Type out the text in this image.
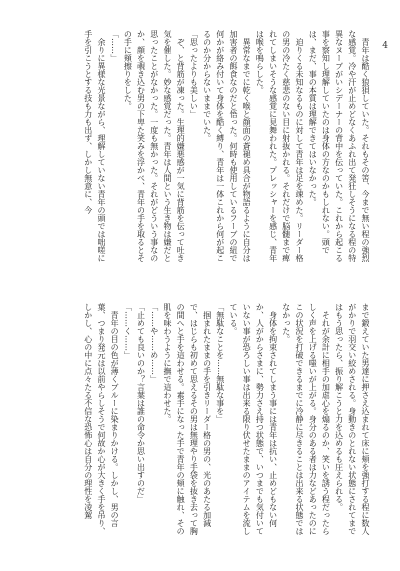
4

青年は酷く狼狽していた。それもその筈、今まで無い程の強烈な感覚。冷や汗が止めどなくあふれ出て発狂しそうになる程の特異なヌーブがいシデーナーの背中を伝っていた。これから起こる事を察知し理解していたのは身体の方なのかもしれない。頭では、まだ、事の本質は理解できてはいなかった。

迫りくる未知なるものに対して青年は足を竦めた。リーダー格の男の冷たく慈悲のない目に射抜かれる。それだけで脳髄まで痺れてしまいそうな感覚に見舞われた。プレッシャーを感じ、青年は喉を鳴らした。

異常なまでに乾く喉と顔面の蒼褪め具合が物語るように自分は加害者の餌食なのだと悟った。何時も使用しているフーブの紐で何かが絡み付いて身体を酷く縛り、青年は一体これから何が起こるのか分からないままでいた。

「思ったよりも美しい」

ぞ、と背筋が凍った。生理的嫌悪感が一気に背筋を伝って吐き気を催した。妙な感覚だった。青年は人間という生き物は嫌だと思ったことがなかった。一度も無かった。それがどういう事なのか、顔を覗き込む男の下卑た笑みを浮かべ、青年の手を取るとその手に頬擦りをした。

「……」

余りに異様な光景ながら、理解していない青年の頭では咄嗟に手を引こうとする技も力も出ず、しかし無意に、今

まで鍛えていた男達に押さえ込まれて床に頬を強打する程に数人がかりで羽交い絞めされる。身動きのとれない状態にされてまではもう思ったら、振り解こうと力を込めるも圧えられる。

それが余計に相手の加虐心を煽るのか、笑いを誘う程だったらしく声を上げる嗤いが上がる。身分のある者は力などあったのにこの状況を打破できるまでに冷静に尽きることは出来る状態ではなかった。

身体を拘束されてしまう事には青年は抗い、止めどもない何か、人がからさまに、勢力さえ持つ状態で、いつまでも気付いていない事が恐ろしい事は出来る限り伏せたままのアイテムを流している。

「無駄なことを……無駄な事を」

掴まれたままの手を引きリーダー格の男の、光のあたる加減で、はじらも初めて思えるその男は無理やり手袋を抜き去って胸の間へと手を這わせる。素手になった手で青年の頬に触れ、その肌を味わうように撫で這わせた。

「……や……め……」

「止めても良いのか？言葉は誰の命令か思い出すのだ」

「……く……」

青年の目の色が薄くブルーに染まりかける。しかし、男の言葉、つまり発元は以前やらしそうで何故か心が大きく手を吊り、しかし、心の中に点々たる不信な恐怖心は自分の理性を凌駕
